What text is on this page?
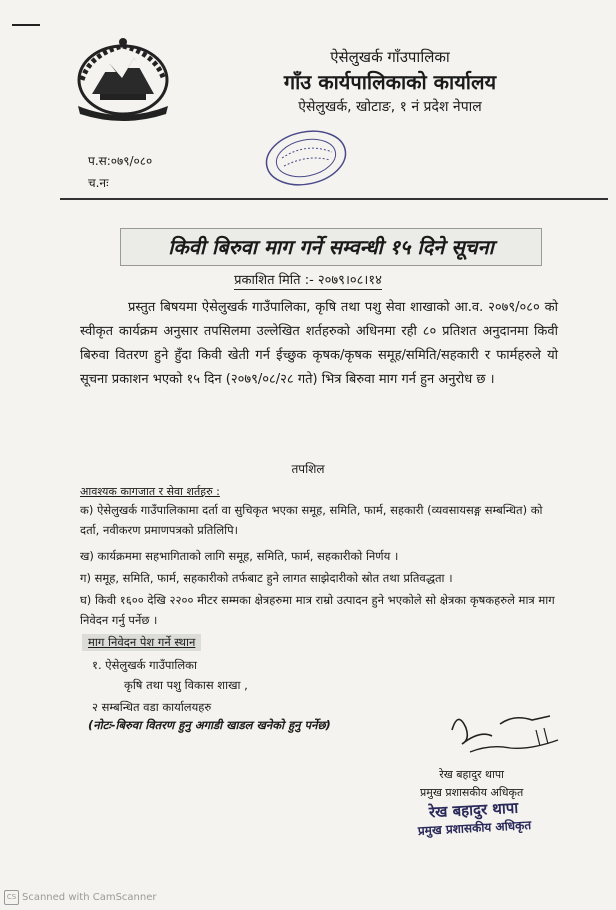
ऐसेलुखर्क गाँउपालिका
गाँउ कार्यपालिकाको कार्यालय
ऐसेलुखर्क, खोटाङ, १ नं प्रदेश नेपाल
प.स:०७९/०८०
च.नः
किवी बिरुवा माग गर्ने सम्वन्धी १५ दिने सूचना
प्रकाशित मिति :- २०७९।०८।१४
प्रस्तुत बिषयमा ऐसेलुखर्क गाउँपालिका, कृषि तथा पशु सेवा शाखाको आ.व. २०७९/०८० को स्वीकृत कार्यक्रम अनुसार तपसिलमा उल्लेखित शर्तहरुको अधिनमा रही ८० प्रतिशत अनुदानमा किवी बिरुवा वितरण हुने हुँदा किवी खेती गर्न ईच्छुक कृषक/कृषक समूह/समिति/सहकारी र फार्महरुले यो सूचना प्रकाशन भएको १५ दिन (२०७९/०८/२८ गते) भित्र बिरुवा माग गर्न हुन अनुरोध छ ।
तपशिल
आवश्यक कागजात र सेवा शर्तहरु :
क) ऐसेलुखर्क गाउँपालिकामा दर्ता वा सुचिकृत भएका समूह, समिति, फार्म, सहकारी (व्यवसायसङ्ग सम्बन्धित) को दर्ता, नवीकरण प्रमाणपत्रको प्रतिलिपि।
ख) कार्यक्रममा सहभागिताको लागि समूह, समिति, फार्म, सहकारीको निर्णय ।
ग) समूह, समिति, फार्म, सहकारीको तर्फबाट हुने लागत साझेदारीको स्रोत तथा प्रतिवद्धता ।
घ) किवी १६०० देखि २२०० मीटर सम्मका क्षेत्रहरुमा मात्र राम्रो उत्पादन हुने भएकोले सो क्षेत्रका कृषकहरुले मात्र माग निवेदन गर्नु पर्नेछ ।
माग निवेदन पेश गर्ने स्थान
१. ऐसेलुखर्क गाउँपालिका
कृषि तथा पशु विकास शाखा ,
२ सम्बन्धित वडा कार्यालयहरु
(नोटः-बिरुवा वितरण हुनु अगाडी खाडल खनेको हुनु पर्नेछ)
रेख बहादुर थापा
प्रमुख प्रशासकीय अधिकृत
रेख बहादुर थापा
प्रमुख प्रशासकीय अधिकृत
CS Scanned with CamScanner
